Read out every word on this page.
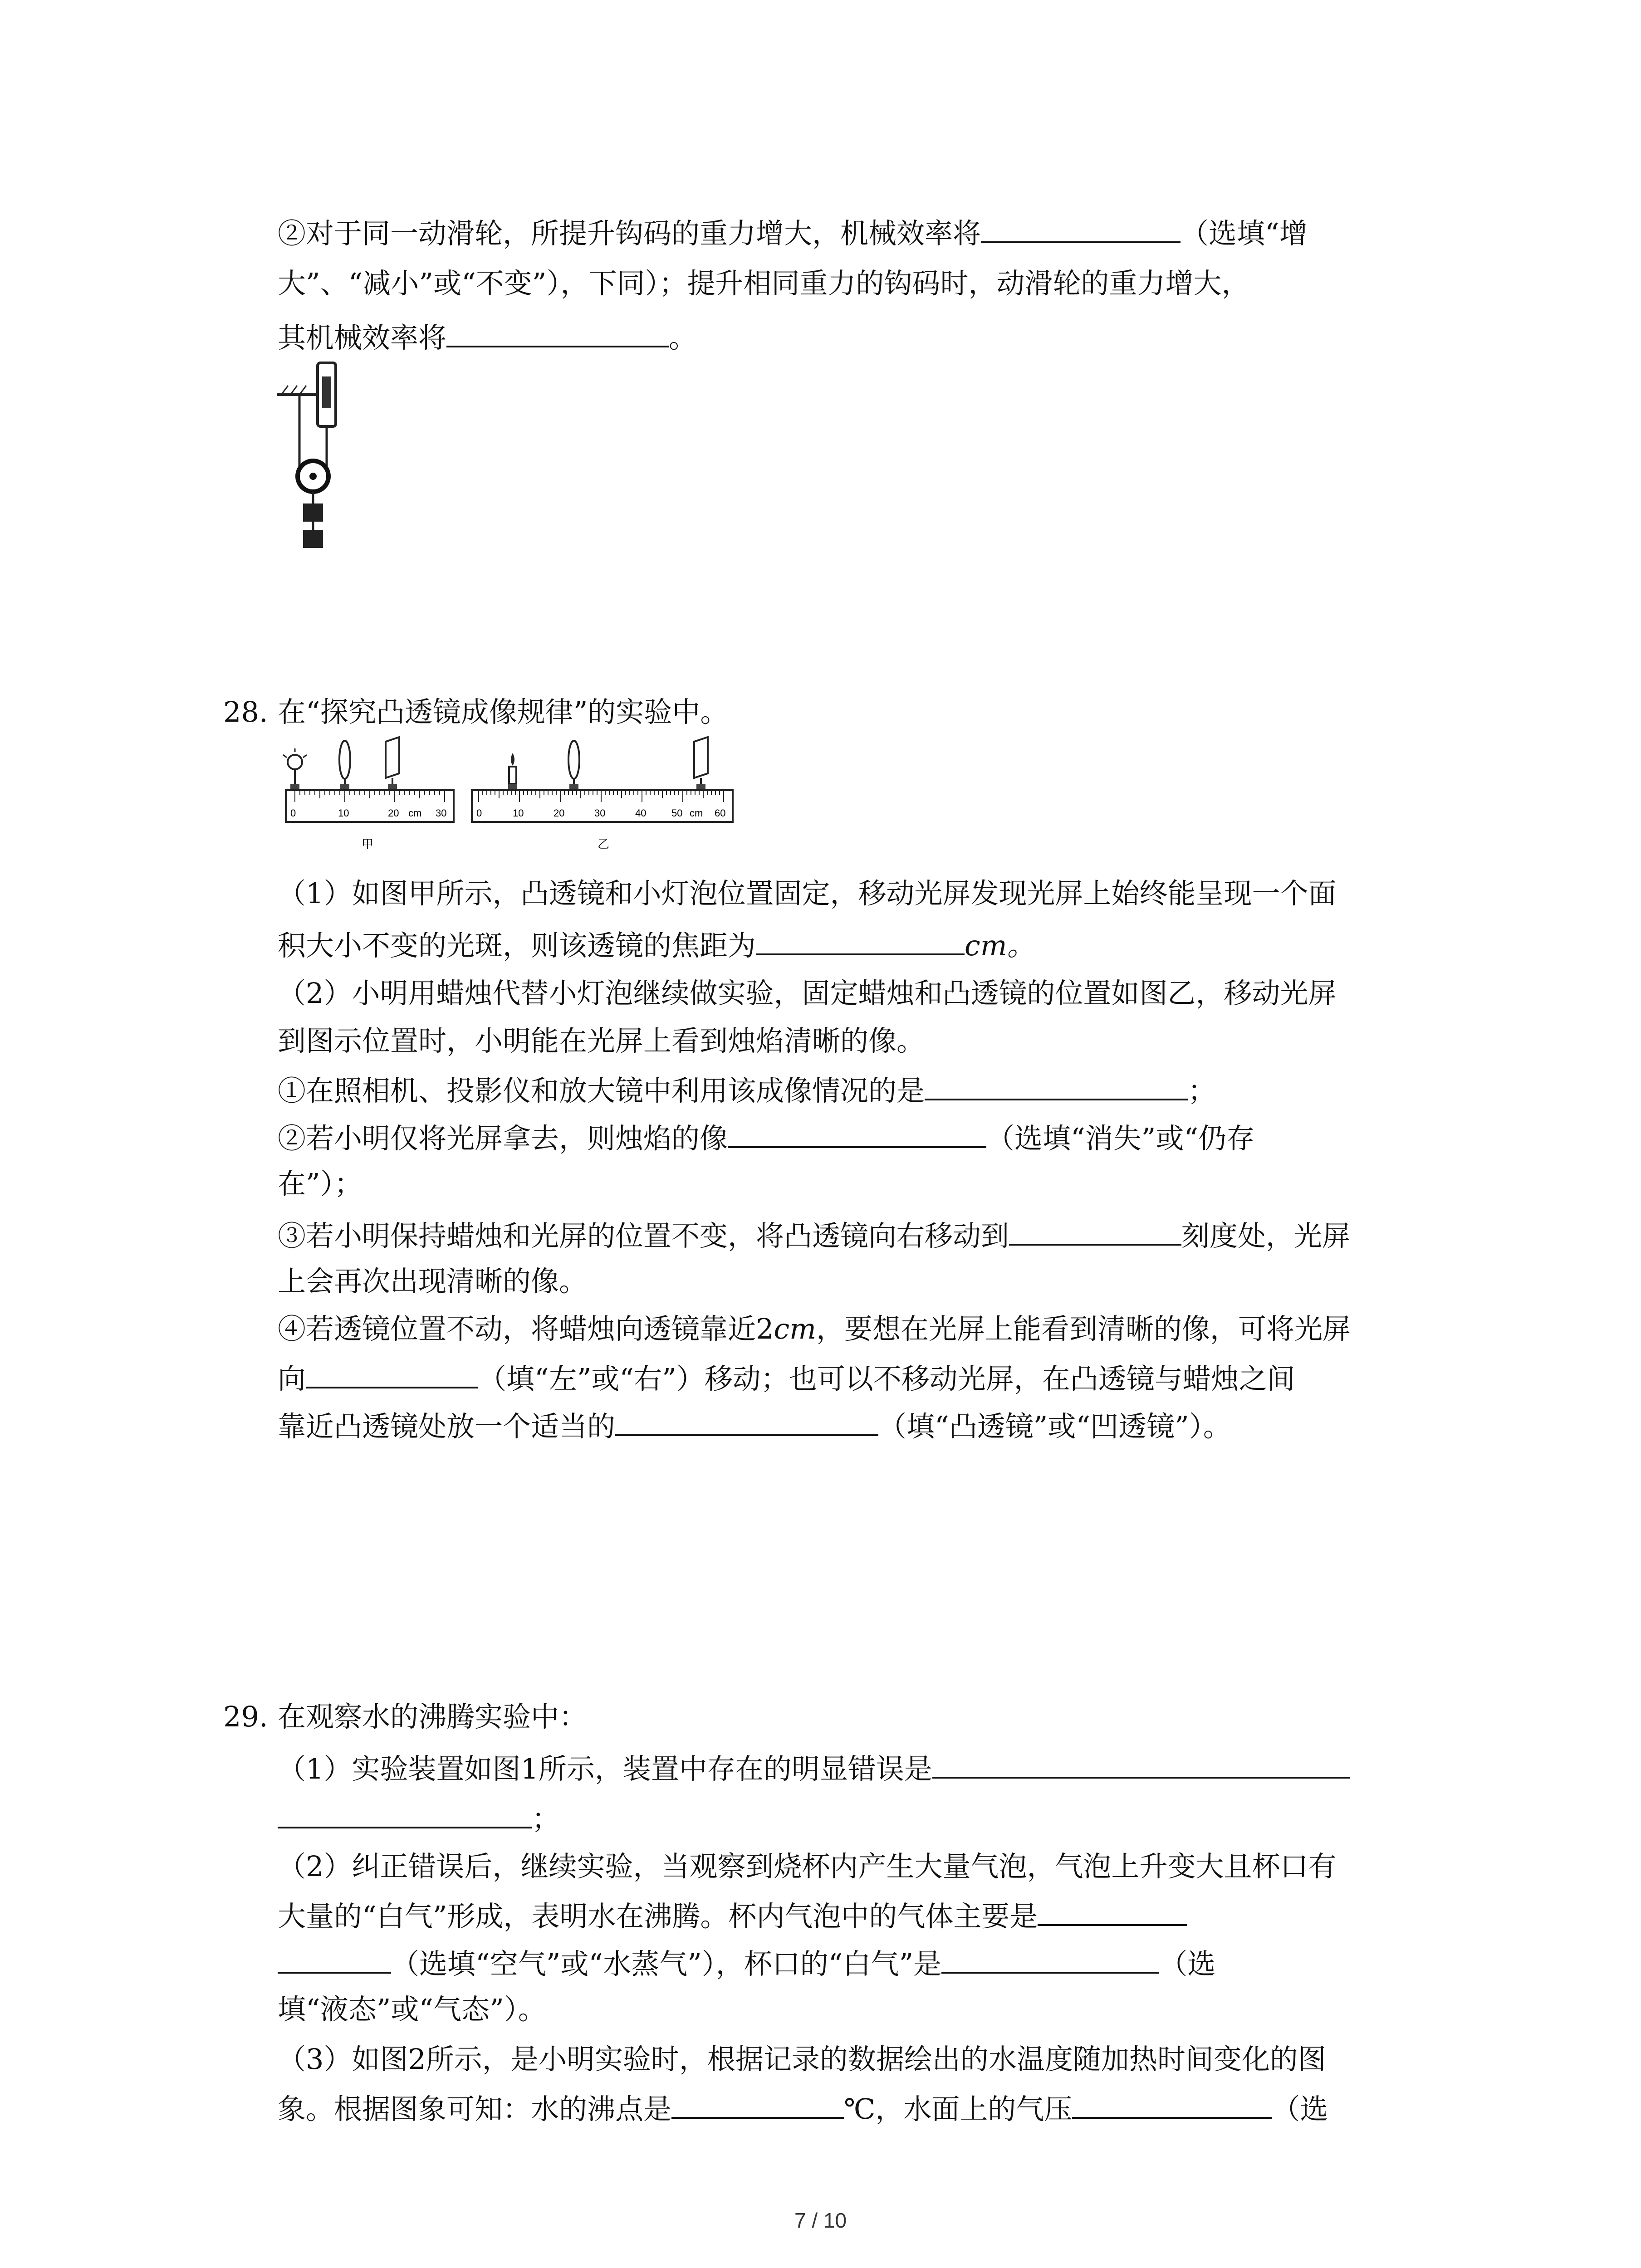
②对于同一动滑轮，所提升钩码的重力增大，机械效率将	（选填“增
大”、“减小”或“不变”），下同）；提升相同重力的钩码时，动滑轮的重力增大，
其机械效率将	。
28. 在“探究凸透镜成像规律”的实验中。
0	10	20 cm 30
甲
0	10	20	30	40	50 cm 60
乙
（1）如图甲所示，凸透镜和小灯泡位置固定，移动光屏发现光屏上始终能呈现一个面
积大小不变的光斑，则该透镜的焦距为	cm。
（2）小明用蜡烛代替小灯泡继续做实验，固定蜡烛和凸透镜的位置如图乙，移动光屏
到图示位置时，小明能在光屏上看到烛焰清晰的像。
①在照相机、投影仪和放大镜中利用该成像情况的是	；
②若小明仅将光屏拿去，则烛焰的像	（选填“消失”或“仍存
在”）；
③若小明保持蜡烛和光屏的位置不变，将凸透镜向右移动到	刻度处，光屏
上会再次出现清晰的像。
④若透镜位置不动，将蜡烛向透镜靠近2cm，要想在光屏上能看到清晰的像，可将光屏
向	（填“左”或“右”）移动；也可以不移动光屏，在凸透镜与蜡烛之间
靠近凸透镜处放一个适当的	（填“凸透镜”或“凹透镜”）。
29. 在观察水的沸腾实验中：
（1）实验装置如图1所示，装置中存在的明显错误是
；
（2）纠正错误后，继续实验，当观察到烧杯内产生大量气泡，气泡上升变大且杯口有
大量的“白气”形成，表明水在沸腾。杯内气泡中的气体主要是
（选填“空气”或“水蒸气”），杯口的“白气”是	（选
填“液态”或“气态”）。
（3）如图2所示，是小明实验时，根据记录的数据绘出的水温度随加热时间变化的图
象。根据图象可知：水的沸点是	℃，水面上的气压	（选
7 / 10
